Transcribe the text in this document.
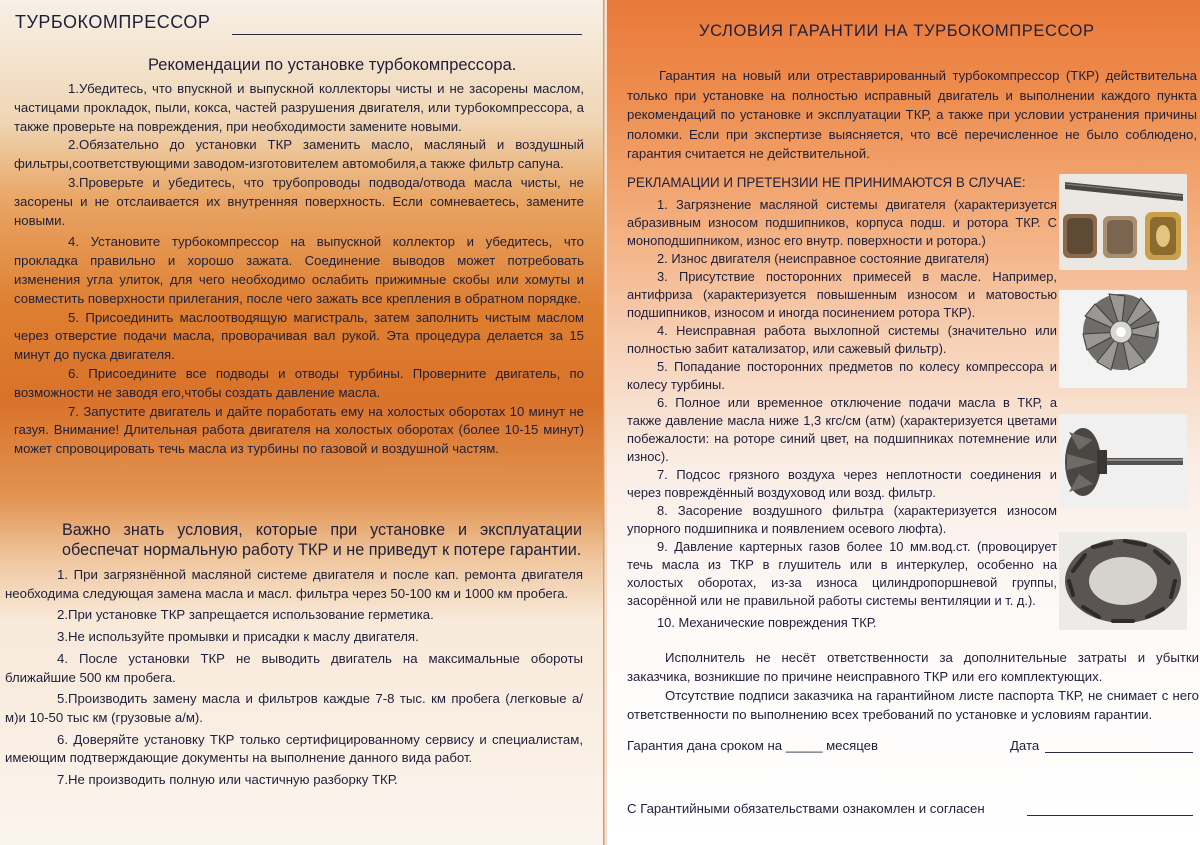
ТУРБОКОМПРЕССОР
Рекомендации по установке турбокомпрессора.

1.Убедитесь, что впускной и выпускной коллекторы чисты и не засорены маслом, частицами прокладок, пыли, кокса, частей разрушения двигателя, или турбокомпрессора, а также проверьте на повреждения, при необходимости замените новыми.

2.Обязательно до установки ТКР заменить масло, масляный и воздушный фильтры,соответствующими заводом-изготовителем автомобиля,а также фильтр сапуна.

3.Проверьте и убедитесь, что трубопроводы подвода/отвода масла чисты, не засорены и не отслаивается их внутренняя поверхность. Если сомневаетесь, замените новыми.

4. Установите турбокомпрессор на выпускной коллектор и убедитесь, что прокладка правильно и хорошо зажата. Соединение выводов может потребовать изменения угла улиток, для чего необходимо ослабить прижимные скобы или хомуты и совместить поверхности прилегания, после чего зажать все крепления в обратном порядке.

5. Присоединить маслоотводящую магистраль, затем заполнить чистым маслом через отверстие подачи масла, проворачивая вал рукой. Эта процедура делается за 15 минут до пуска двигателя.

6. Присоедините все подводы и отводы турбины. Проверните двигатель, по возможности не заводя его,чтобы создать давление масла.

7. Запустите двигатель и дайте поработать ему на холостых оборотах 10 минут не газуя. Внимание! Длительная работа двигателя на холостых оборотах (более 10-15 минут) может спровоцировать течь масла из турбины по газовой и воздушной частям.

Важно знать условия, которые при установке и эксплуатации обеспечат нормальную работу ТКР и не приведут к потере гарантии.

1. При загрязнённой масляной системе двигателя и после кап. ремонта двигателя необходима следующая замена масла и масл. фильтра через 50-100 км и 1000 км пробега.

2.При установке ТКР запрещается использование герметика.

3.Не используйте промывки и присадки к маслу двигателя.

4. После установки ТКР не выводить двигатель на максимальные обороты ближайшие 500 км пробега.

5.Производить замену масла и фильтров каждые 7-8 тыс. км пробега (легковые а/м)и 10-50 тыс км (грузовые а/м).

6. Доверяйте установку ТКР только сертифицированному сервису и специалистам, имеющим подтверждающие документы на выполнение данного вида работ.

7.Не производить полную или частичную разборку ТКР.

УСЛОВИЯ ГАРАНТИИ НА ТУРБОКОМПРЕССОР

Гарантия на новый или отреставрированный турбокомпрессор (ТКР) действительна только при установке на полностью исправный двигатель и выполнении каждого пункта рекомендаций по установке и эксплуатации ТКР, а также при условии устранения причины поломки. Если при экспертизе выясняется, что всё перечисленное не было соблюдено, гарантия считается не действительной.

РЕКЛАМАЦИИ И ПРЕТЕНЗИИ НЕ ПРИНИМАЮТСЯ В СЛУЧАЕ:

1. Загрязнение масляной системы двигателя (характеризуется абразивным износом подшипников, корпуса подш. и ротора ТКР. С моноподшипником, износ его внутр. поверхности и ротора.)

2. Износ двигателя (неисправное состояние двигателя)

3. Присутствие посторонних примесей в масле. Например, антифриза (характеризуется повышенным износом и матовостью подшипников, износом и иногда посинением ротора ТКР).

4. Неисправная работа выхлопной системы (значительно или полностью забит катализатор, или сажевый фильтр).

5. Попадание посторонних предметов по колесу компрессора и колесу турбины.

6. Полное или временное отключение подачи масла в ТКР, а также давление масла ниже 1,3 кгс/см (атм) (характеризуется цветами побежалости: на роторе синий цвет, на подшипниках потемнение или износ).

7. Подсос грязного воздуха через неплотности соединения и через повреждённый воздуховод или возд. фильтр.

8. Засорение воздушного фильтра (характеризуется износом упорного подшипника и появлением осевого люфта).

9. Давление картерных газов более 10 мм.вод.ст. (провоцирует течь масла из ТКР в глушитель или в интеркулер, особенно на холостых оборотах, из-за износа цилиндропоршневой группы, засорённой или не правильной работы системы вентиляции и т. д.).

10. Механические повреждения ТКР.

Исполнитель не несёт ответственности за дополнительные затраты и убытки заказчика, возникшие по причине неисправного ТКР или его комплектующих.

Отсутствие подписи заказчика на гарантийном листе паспорта ТКР, не снимает с него ответственности по выполнению всех требований по установке и условиям гарантии.

Гарантия дана сроком на _____ месяцев	Дата
С Гарантийными обязательствами ознакомлен и согласен
